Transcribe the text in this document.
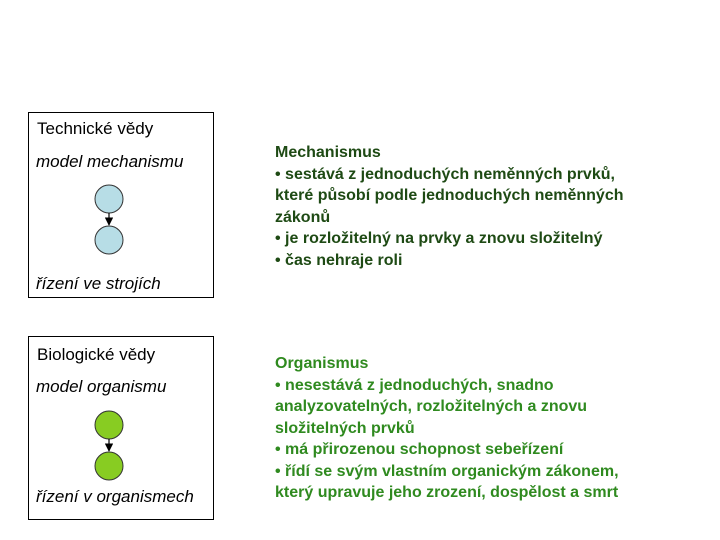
Technické vědy
model mechanismu
řízení ve strojích
Biologické vědy
model organismu
řízení v organismech
Mechanismus
• sestává z jednoduchých neměnných prvků,
které působí podle jednoduchých neměnných
zákonů
• je rozložitelný na prvky a znovu složitelný
• čas nehraje roli
Organismus
• nesestává z jednoduchých, snadno
analyzovatelných, rozložitelných a znovu
složitelných prvků
• má přirozenou schopnost sebeřízení
• řídí se svým vlastním organickým zákonem,
který upravuje jeho zrození, dospělost a smrt
